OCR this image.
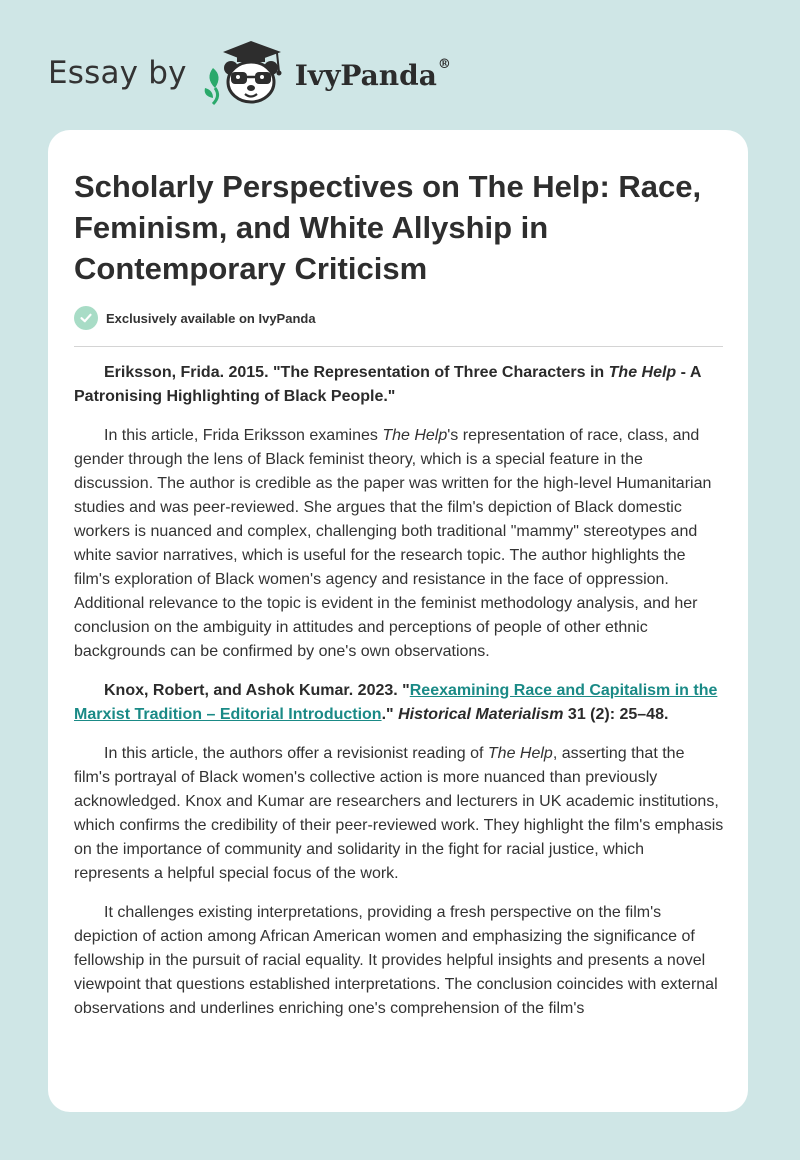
Essay by	IvyPanda®
Scholarly Perspectives on The Help: Race, Feminism, and White Allyship in Contemporary Criticism
Exclusively available on IvyPanda

Eriksson, Frida. 2015. "The Representation of Three Characters in The Help - A Patronising Highlighting of Black People."

In this article, Frida Eriksson examines The Help's representation of race, class, and gender through the lens of Black feminist theory, which is a special feature in the discussion. The author is credible as the paper was written for the high-level Humanitarian studies and was peer-reviewed. She argues that the film's depiction of Black domestic workers is nuanced and complex, challenging both traditional "mammy" stereotypes and white savior narratives, which is useful for the research topic. The author highlights the film's exploration of Black women's agency and resistance in the face of oppression. Additional relevance to the topic is evident in the feminist methodology analysis, and her conclusion on the ambiguity in attitudes and perceptions of people of other ethnic backgrounds can be confirmed by one's own observations.

Knox, Robert, and Ashok Kumar. 2023. "Reexamining Race and Capitalism in the Marxist Tradition – Editorial Introduction." Historical Materialism 31 (2): 25–48.

In this article, the authors offer a revisionist reading of The Help, asserting that the film's portrayal of Black women's collective action is more nuanced than previously acknowledged. Knox and Kumar are researchers and lecturers in UK academic institutions, which confirms the credibility of their peer-reviewed work. They highlight the film's emphasis on the importance of community and solidarity in the fight for racial justice, which represents a helpful special focus of the work.

It challenges existing interpretations, providing a fresh perspective on the film's depiction of action among African American women and emphasizing the significance of fellowship in the pursuit of racial equality. It provides helpful insights and presents a novel viewpoint that questions established interpretations. The conclusion coincides with external observations and underlines enriching one's comprehension of the film's
